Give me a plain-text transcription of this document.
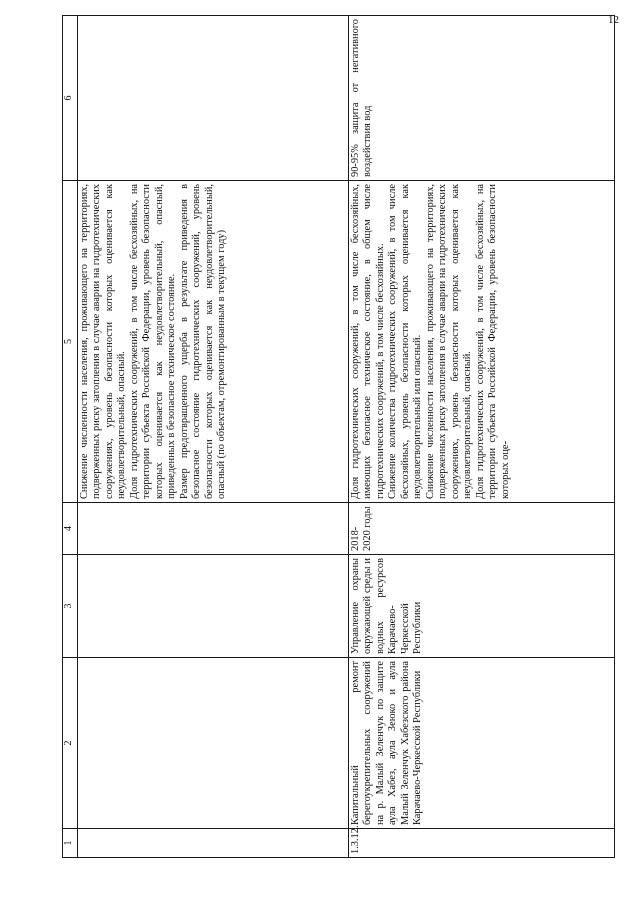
12
1	2	3	4	5	6

				Снижение численности населения, проживающего на территориях, подверженных риску затопления в случае аварии на гидротехнических сооружениях, уровень безопасности которых оценивается как неудовлетворительный, опасный. Доля гидротехнических сооружений, в том числе бесхозяйных, на территории субъекта Российской Федерации, уровень безопасности которых оценивается как неудовлетворительный, опасный, приведенных в безопасное техническое состояние. Размер предотвращенного ущерба в результате приведения в безопасное состояние гидротехнических сооружений, уровень безопасности которых оценивается как неудовлетворительный, опасный (по объектам, отремонтированным в текущем году)	

1.3.12.	Капитальный ремонт берегоукрепительных сооружений на р. Малый Зеленчук по защите аула Хабез, аула Зеюко и аула Малый Зеленчук Хабезского района Карачаево-Черкесской Республики	Управление охраны окружающей среды и водных ресурсов Карачаево-Черкесской Республики	2018-2020 годы	Доля гидротехнических сооружений, в том числе бесхозяйных, имеющих безопасное техническое состояние, в общем числе гидротехнических сооружений, в том числе бесхозяйных. Снижение количества гидротехнических сооружений, в том числе бесхозяйных, уровень безопасности которых оценивается как неудовлетворительный или опасный. Снижение численности населения, проживающего на территориях, подверженных риску затопления в случае аварии на гидротехнических сооружениях, уровень безопасности которых оценивается как неудовлетворительный, опасный. Доля гидротехнических сооружений, в том числе бесхозяйных, на территории субъекта Российской Федерации, уровень безопасности которых оце-	90-95% защита от негативного воздействия вод
